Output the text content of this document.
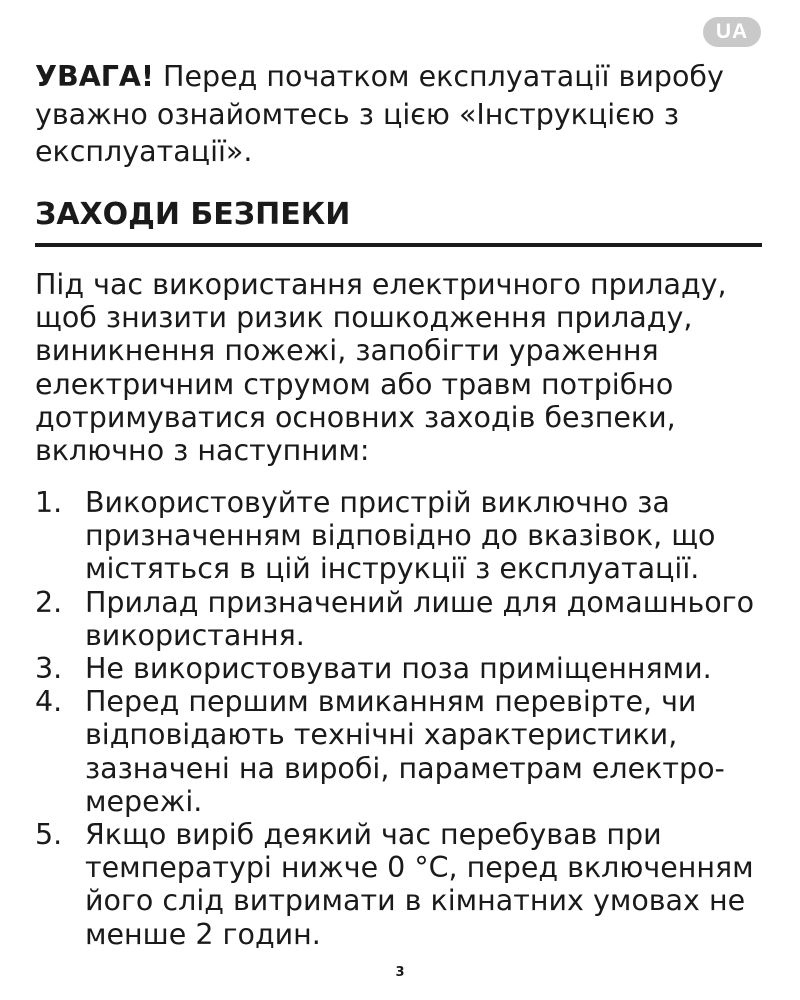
UA

УВАГА! Перед початком експлуатації виробу уважно ознайомтесь з цією «Інструкцією з експлуатації».

ЗАХОДИ БЕЗПЕКИ

Під час використання електричного приладу, щоб знизити ризик пошкодження приладу, виникнення пожежі, запобігти ураження електричним струмом або травм потрібно дотримуватися основних заходів безпеки, включно з наступним:

1. Використовуйте пристрій виключно за призначенням відповідно до вказівок, що містяться в цій інструкції з експлуатації.
2. Прилад призначений лише для домашнього використання.
3. Не використовувати поза приміщеннями.
4. Перед першим вмиканням перевірте, чи відповідають технічні характеристики, зазначені на виробі, параметрам електро-мережі.
5. Якщо виріб деякий час перебував при температурі нижче 0 °С, перед включенням його слід витримати в кімнатних умовах не менше 2 годин.
3
